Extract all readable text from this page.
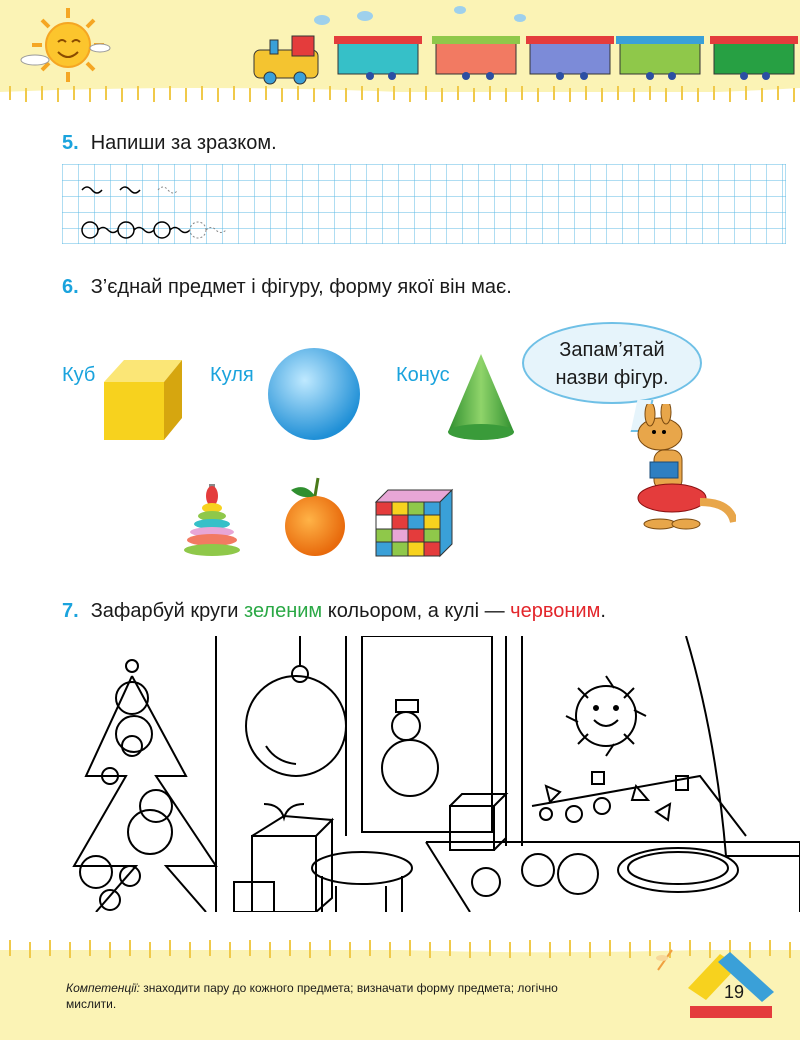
5. Напиши за зразком.
6. З’єднай предмет і фігуру, форму якої він має.
Куб	Куля	Конус
Запам’ятай
назви фігур.
7. Зафарбуй круги зеленим кольором, а кулі — червоним.
Компетенції: знаходити пару до кожного предмета; визначати форму предмета; логічно мислити.
19
